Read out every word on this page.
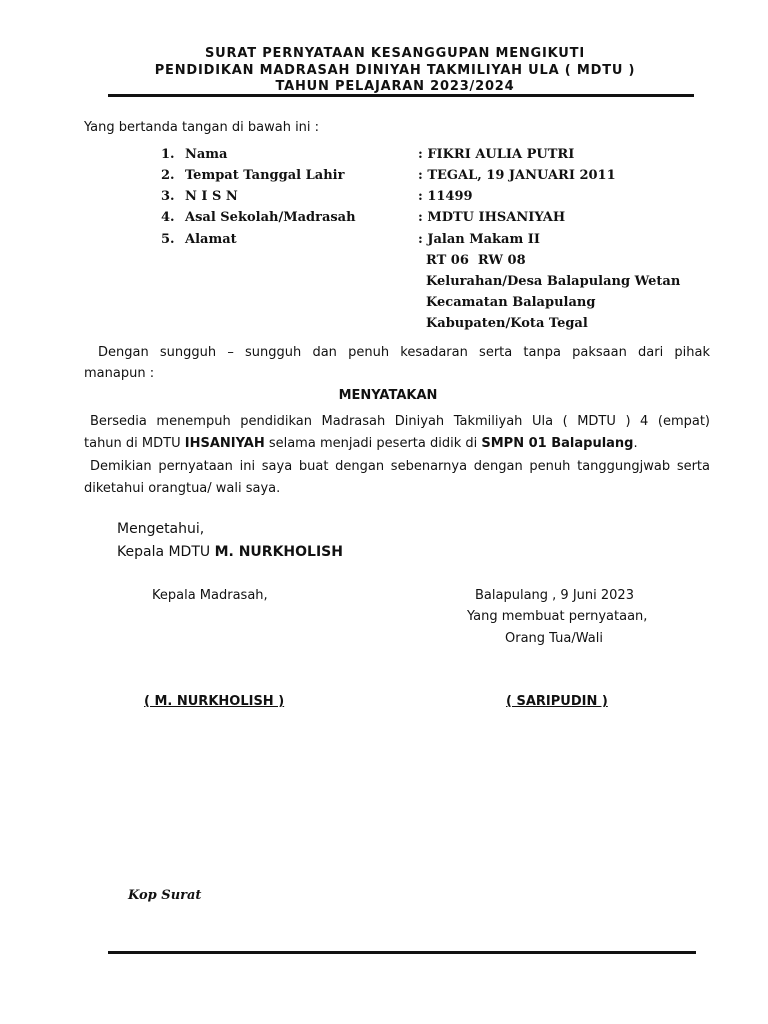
SURAT PERNYATAAN KESANGGUPAN MENGIKUTI
PENDIDIKAN MADRASAH DINIYAH TAKMILIYAH ULA ( MDTU )
TAHUN PELAJARAN 2023/2024
Yang bertanda tangan di bawah ini :
1. Nama	: FIKRI AULIA PUTRI
2. Tempat Tanggal Lahir	: TEGAL, 19 JANUARI 2011
3. N I S N	: 11499
4. Asal Sekolah/Madrasah	: MDTU IHSANIYAH
5. Alamat	: Jalan Makam II
RT 06  RW 08
Kelurahan/Desa Balapulang Wetan
Kecamatan Balapulang
Kabupaten/Kota Tegal
Dengan sungguh – sungguh dan penuh kesadaran serta tanpa paksaan dari pihak
manapun :
MENYATAKAN
Bersedia menempuh pendidikan Madrasah Diniyah Takmiliyah Ula ( MDTU ) 4 (empat)
tahun di MDTU IHSANIYAH selama menjadi peserta didik di SMPN 01 Balapulang.
Demikian pernyataan ini saya buat dengan sebenarnya dengan penuh tanggungjwab serta
diketahui orangtua/ wali saya.
Mengetahui,
Kepala MDTU M. NURKHOLISH
Kepala Madrasah,	Balapulang , 9 Juni 2023
Yang membuat pernyataan,
Orang Tua/Wali
( M. NURKHOLISH )	( SARIPUDIN )
Kop Surat
